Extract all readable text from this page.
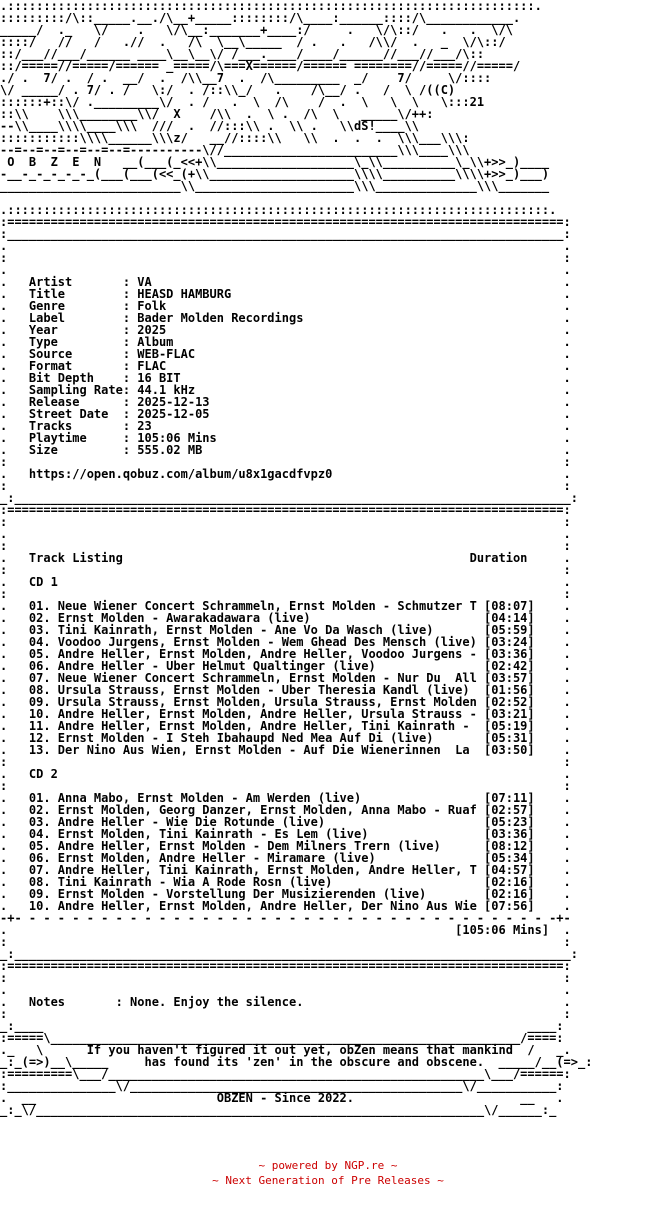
.:::::::::::::::::::::::::::::::::::::::::::::::::::::::::::::::::::::::::.
:::::::::/\::_____.__./\__+_____::::::::/\____:______::::/\____________.
_____/  ._   \/    .   \/\__:_______+____:/     .   \/\::/   .   .  \/\
::::/   //   /   .//  .   /\  \__\_____  / .   .   /\\/  .   _  \/\::/
::/___//___/______ ____\__\__\/ /___.____/____/______//___//___/\::
::/=====//=====/====== _=====/\===X======/====== ========//=====//=====/
./ .  7/ .  / .  __/  .  /\\__7  .  /\_________  _/    7/     \/::::
\/ _____/ . 7/ . /   \:/  . /::\\_/   .    /\__/ .   /  \ /((C)
::::::+::\/ ._________\/  . /   .  \  /\    /  .  \   \  \   \:::21
::\\    \\\________\\/  X    /\\  .  \ .  /\  \   _____\/++:
--\\____\\\\____\\\  ///  .  //:::\\ .  \\ .   \\dS!____\\
:::::::::::\\\\______\\\z/   __//::::\\   \\  .  .  .  \\\___\\\:
--=--=--=--=--=--=----------\//________________________\\\____\\\
O  B  Z  E  N   __(___(_<<+\\___________________\_\\__________\_\\+>>_)____
-__-_-_-_-_-_(___(___(<<_(+\\____________________\\\\__________\\\\+>>_)___)
_________________________\\______________________\\\______________\\\_______
.:::::::::::::::::::::::::::::::::::::::::::::::::::::::::::::::::::::::::::.
:=============================================================================:
:_____________________________________________________________________________:
.                                                                             .
:                                                                             :
.                                                                             .
.   Artist       : VA                                                         .
.   Title        : HEASD HAMBURG                                              .
.   Genre        : Folk                                                       .
.   Label        : Bader Molden Recordings                                    .
.   Year         : 2025                                                       .
.   Type         : Album                                                      .
.   Source       : WEB-FLAC                                                   .
.   Format       : FLAC                                                       .
.   Bit Depth    : 16 BIT                                                     .
.   Sampling Rate: 44.1 kHz                                                   .
.   Release      : 2025-12-13                                                 .
.   Street Date  : 2025-12-05                                                 .
.   Tracks       : 23                                                         .
.   Playtime     : 105:06 Mins                                                .
.   Size         : 555.02 MB                                                  .
:                                                                             :
.   https://open.qobuz.com/album/u8x1gacdfvpz0                                .
:                                                                             :
_:_____________________________________________________________________________:
:=============================================================================:
:                                                                             :
.                                                                             .
:                                                                             :
.   Track Listing                                                Duration     .
:                                                                             :
.   CD 1                                                                      .
:                                                                             :
.   01. Neue Wiener Concert Schrammeln, Ernst Molden - Schmutzer T [08:07]    .
.   02. Ernst Molden - Awarakadawara (live)                        [04:14]    .
.   03. Tini Kainrath, Ernst Molden - Ane Vo Da Wasch (live)       [05:59]    .
.   04. Voodoo Jurgens, Ernst Molden - Wem Ghead Des Mensch (live) [03:24]    .
.   05. Andre Heller, Ernst Molden, Andre Heller, Voodoo Jurgens - [03:36]    .
.   06. Andre Heller - Uber Helmut Qualtinger (live)               [02:42]    .
.   07. Neue Wiener Concert Schrammeln, Ernst Molden - Nur Du  All [03:57]    .
.   08. Ursula Strauss, Ernst Molden - Uber Theresia Kandl (live)  [01:56]    .
.   09. Ursula Strauss, Ernst Molden, Ursula Strauss, Ernst Molden [02:52]    .
.   10. Andre Heller, Ernst Molden, Andre Heller, Ursula Strauss - [03:21]    .
.   11. Andre Heller, Ernst Molden, Andre Heller, Tini Kainrath -  [05:19]    .
.   12. Ernst Molden - I Steh Ibahaupd Ned Mea Auf Di (live)       [05:31]    .
.   13. Der Nino Aus Wien, Ernst Molden - Auf Die Wienerinnen  La  [03:50]    .
:                                                                             :
.   CD 2                                                                      .
:                                                                             :
.   01. Anna Mabo, Ernst Molden - Am Werden (live)                 [07:11]    .
.   02. Ernst Molden, Georg Danzer, Ernst Molden, Anna Mabo - Ruaf [02:57]    .
.   03. Andre Heller - Wie Die Rotunde (live)                      [05:23]    .
.   04. Ernst Molden, Tini Kainrath - Es Lem (live)                [03:36]    .
.   05. Andre Heller, Ernst Molden - Dem Milners Trern (live)      [08:12]    .
.   06. Ernst Molden, Andre Heller - Miramare (live)               [05:34]    .
.   07. Andre Heller, Tini Kainrath, Ernst Molden, Andre Heller, T [04:57]    .
.   08. Tini Kainrath - Wia A Rode Rosn (live)                     [02:16]    .
.   09. Ernst Molden - Vorstellung Der Musizierenden (live)        [02:16]    .
.   10. Andre Heller, Ernst Molden, Andre Heller, Der Nino Aus Wie [07:56]    .
-+- - - - - - - - - - - - - - - - - - - - - - - - - - - - - - - - - - - - - -+-
.                                                              [105:06 Mins]  .
:                                                                             :
_:_____________________________________________________________________________:
:=============================================================================:
:                                                                             :
.                                                                             .
.   Notes       : None. Enjoy the silence.                                    .
:                                                                             :
_:____                                                                   ____:
:=====\_________________________________________________________________/====:
._   \      If you haven't figured it out yet, obZen means that mankind  /   _.
_:_(=>)__\_____     has found its 'zen' in the obscure and obscene.  _____/__(=>_:
:=========\___/____________________________________________________\___/======:
:_______________\/______________________________________________\/___________:
.  __                         OBZEN - Since 2022.                       __   .
_:_\/______________________________________________________________\/______:_
~ powered by NGP.re ~
~ Next Generation of Pre Releases ~
